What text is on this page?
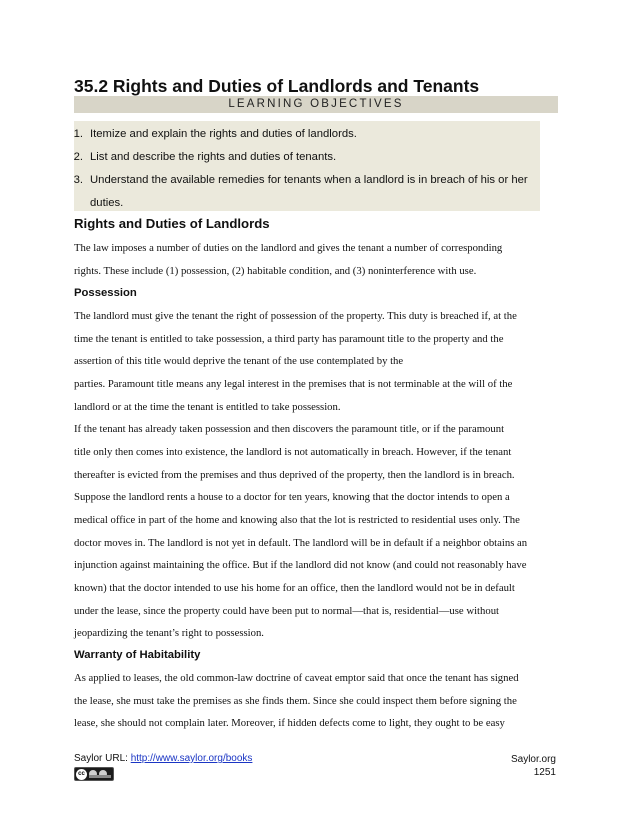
35.2 Rights and Duties of Landlords and Tenants
LEARNING OBJECTIVES
1. Itemize and explain the rights and duties of landlords.
2. List and describe the rights and duties of tenants.
3. Understand the available remedies for tenants when a landlord is in breach of his or her
duties.
Rights and Duties of Landlords
The law imposes a number of duties on the landlord and gives the tenant a number of corresponding
rights. These include (1) possession, (2) habitable condition, and (3) noninterference with use.
Possession
The landlord must give the tenant the right of possession of the property. This duty is breached if, at the
time the tenant is entitled to take possession, a third party has paramount title to the property and the
assertion of this title would deprive the tenant of the use contemplated by the
parties. Paramount title means any legal interest in the premises that is not terminable at the will of the
landlord or at the time the tenant is entitled to take possession.
If the tenant has already taken possession and then discovers the paramount title, or if the paramount
title only then comes into existence, the landlord is not automatically in breach. However, if the tenant
thereafter is evicted from the premises and thus deprived of the property, then the landlord is in breach.
Suppose the landlord rents a house to a doctor for ten years, knowing that the doctor intends to open a
medical office in part of the home and knowing also that the lot is restricted to residential uses only. The
doctor moves in. The landlord is not yet in default. The landlord will be in default if a neighbor obtains an
injunction against maintaining the office. But if the landlord did not know (and could not reasonably have
known) that the doctor intended to use his home for an office, then the landlord would not be in default
under the lease, since the property could have been put to normal—that is, residential—use without
jeopardizing the tenant’s right to possession.
Warranty of Habitability
As applied to leases, the old common-law doctrine of caveat emptor said that once the tenant has signed
the lease, she must take the premises as she finds them. Since she could inspect them before signing the
lease, she should not complain later. Moreover, if hidden defects come to light, they ought to be easy
Saylor URL: http://www.saylor.org/books
cc
Saylor.org
1251
